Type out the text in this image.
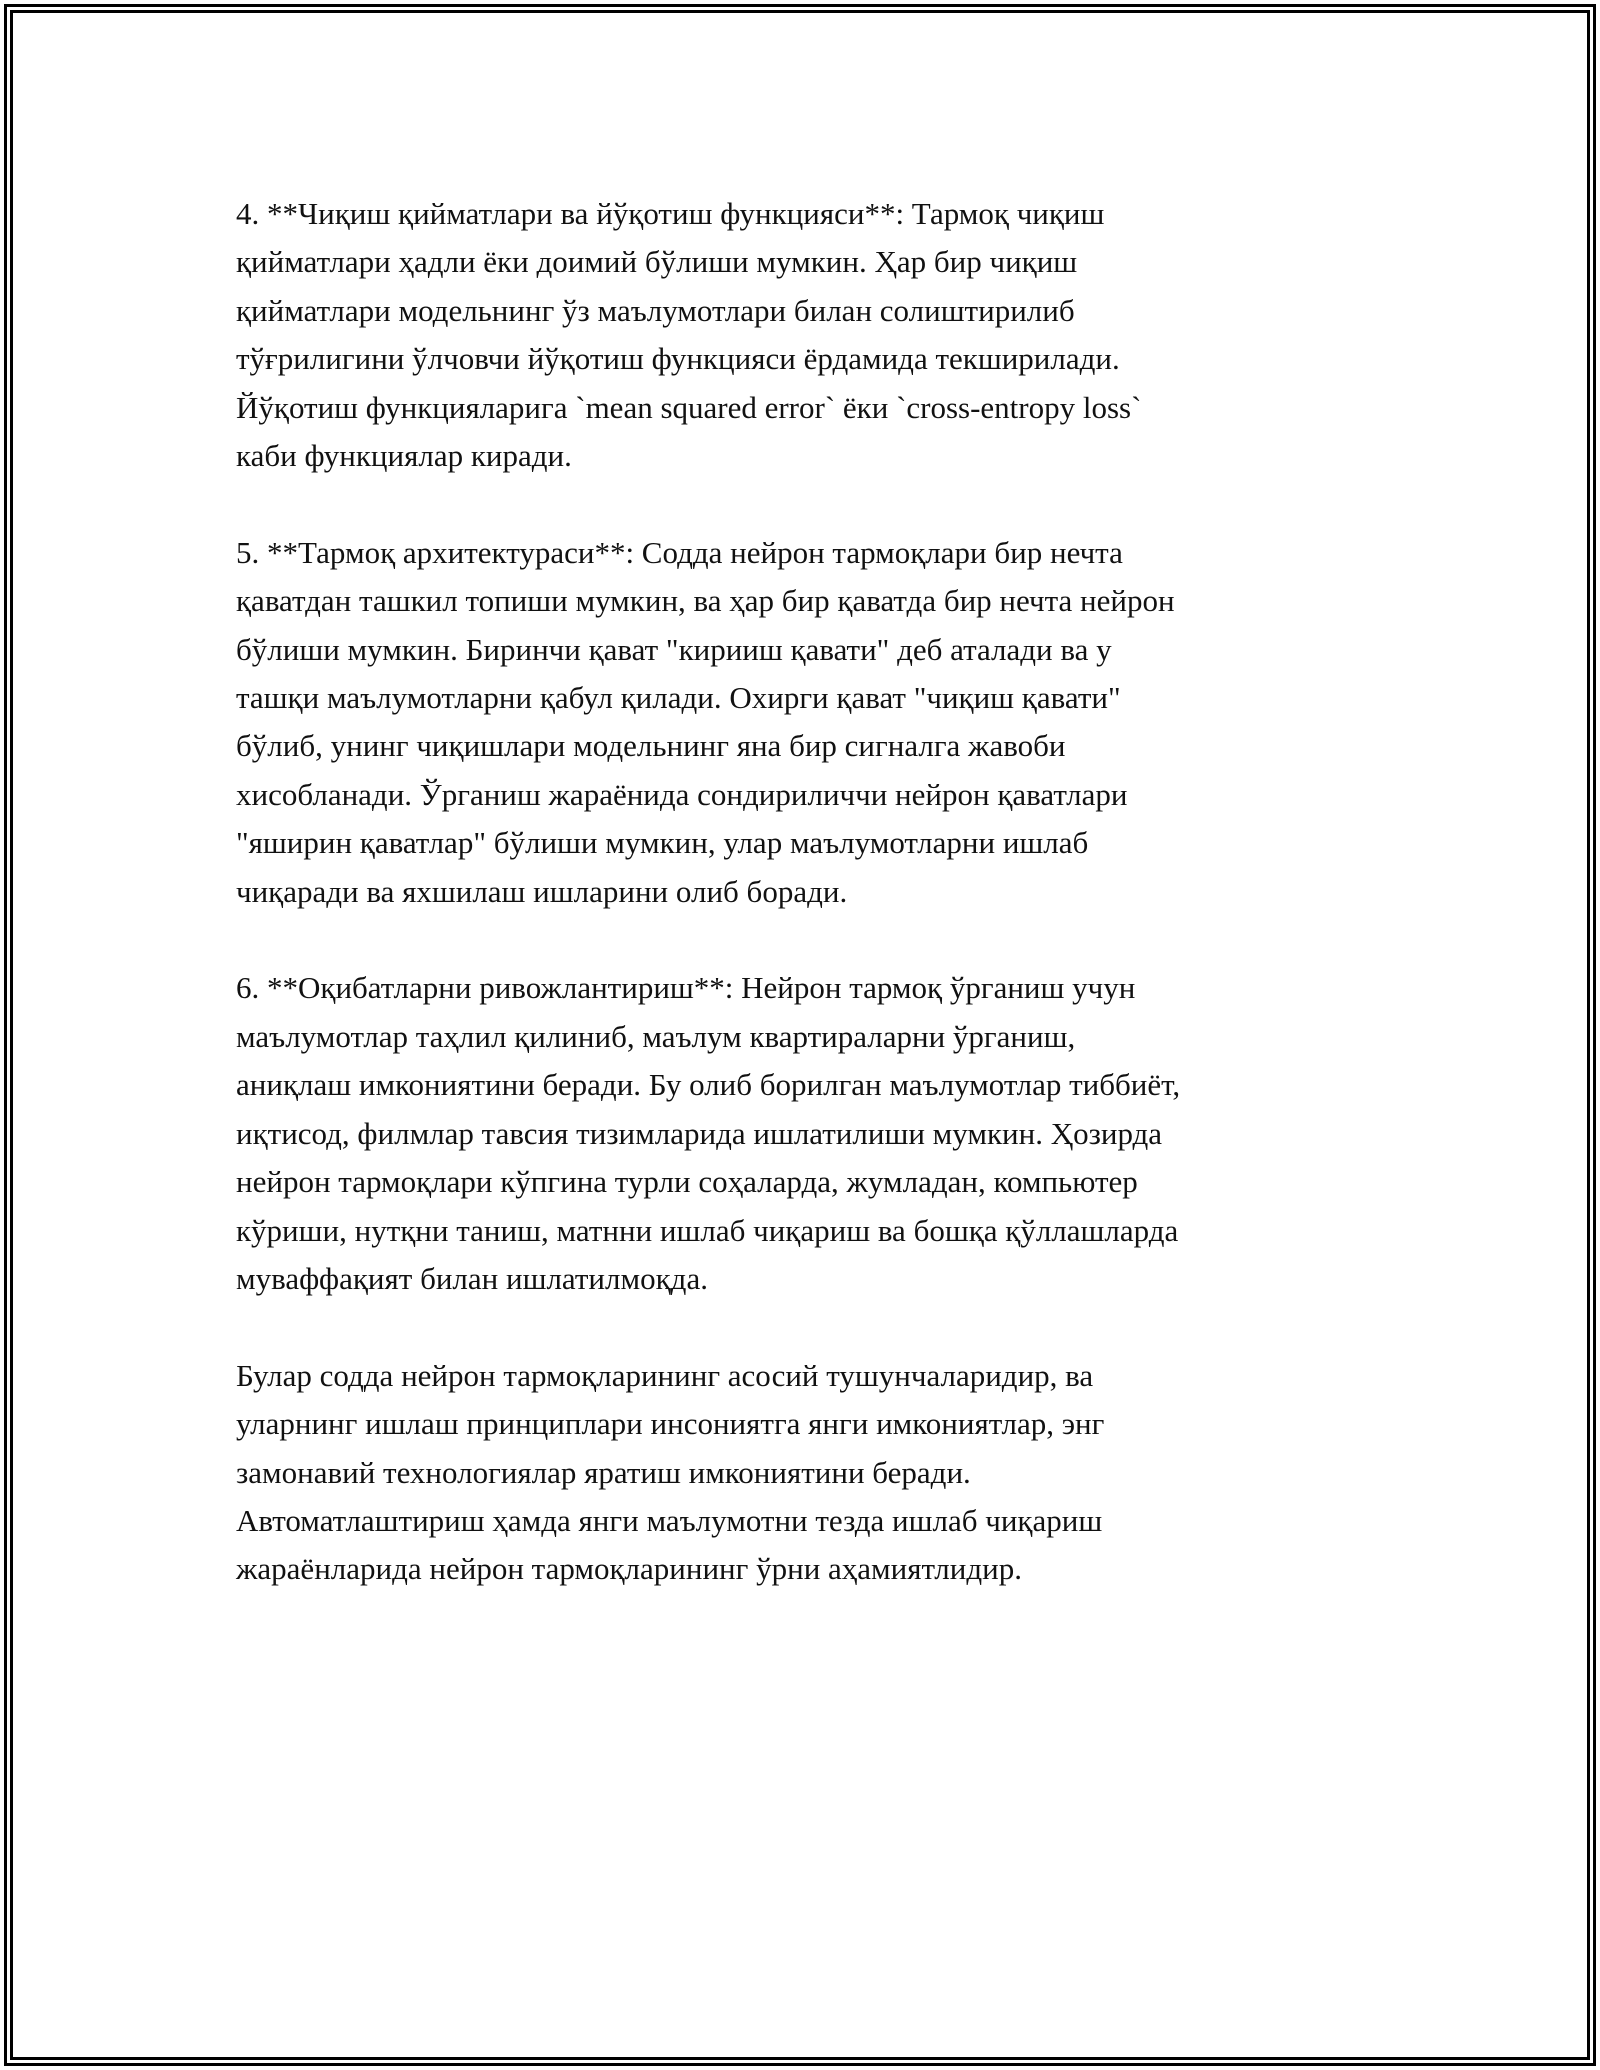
4. **Чиқиш қийматлари ва йўқотиш функцияси**: Тармоқ чиқиш
қийматлари ҳадли ёки доимий бўлиши мумкин. Ҳар бир чиқиш
қийматлари модельнинг ўз маълумотлари билан солиштирилиб
тўғрилигини ўлчовчи йўқотиш функцияси ёрдамида текширилади.
Йўқотиш функцияларига `mean squared error` ёки `cross-entropy loss`
каби функциялар киради.

5. **Тармоқ архитектураси**: Содда нейрон тармоқлари бир нечта
қаватдан ташкил топиши мумкин, ва ҳар бир қаватда бир нечта нейрон
бўлиши мумкин. Биринчи қават "кирииш қавати" деб аталади ва у
ташқи маълумотларни қабул қилади. Охирги қават "чиқиш қавати"
бўлиб, унинг чиқишлари модельнинг яна бир сигналга жавоби
хисобланади. Ўрганиш жараёнида сондириличчи нейрон қаватлари
"яширин қаватлар" бўлиши мумкин, улар маълумотларни ишлаб
чиқаради ва яхшилаш ишларини олиб боради.

6. **Оқибатларни ривожлантириш**: Нейрон тармоқ ўрганиш учун
маълумотлар таҳлил қилиниб, маълум квартираларни ўрганиш,
аниқлаш имкониятини беради. Бу олиб борилган маълумотлар тиббиёт,
иқтисод, филмлар тавсия тизимларида ишлатилиши мумкин. Ҳозирда
нейрон тармоқлари кўпгина турли соҳаларда, жумладан, компьютер
кўриши, нутқни таниш, матнни ишлаб чиқариш ва бошқа қўллашларда
муваффақият билан ишлатилмоқда.

Булар содда нейрон тармоқларининг асосий тушунчаларидир, ва
уларнинг ишлаш принциплари инсониятга янги имкониятлар, энг
замонавий технологиялар яратиш имкониятини беради.
Автоматлаштириш ҳамда янги маълумотни тезда ишлаб чиқариш
жараёнларида нейрон тармоқларининг ўрни аҳамиятлидир.
